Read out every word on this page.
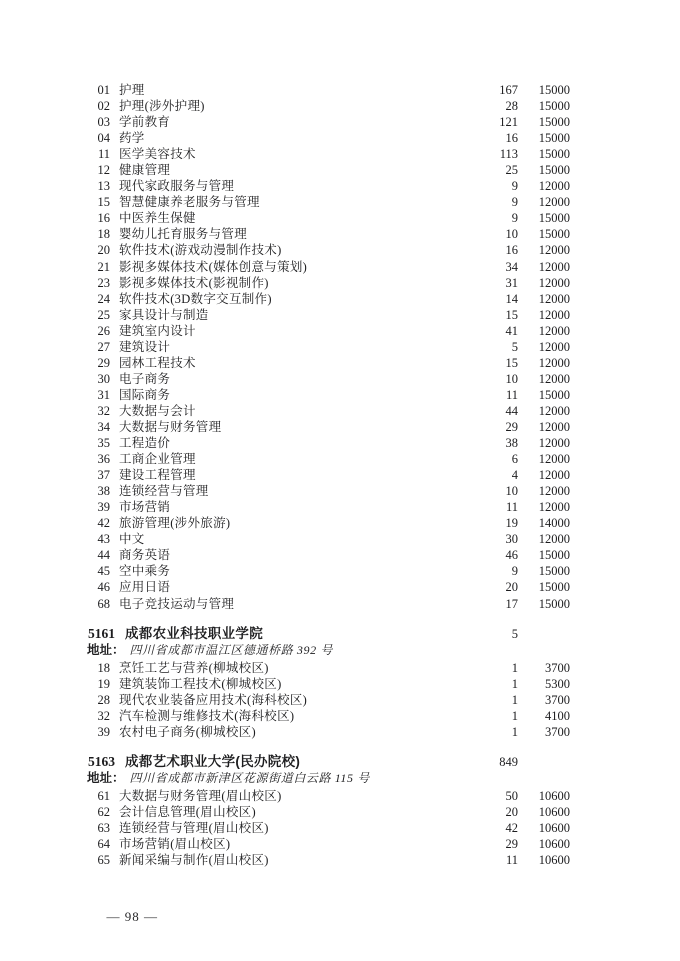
01 护理	167	15000
02 护理(涉外护理)	28	15000
03 学前教育	121	15000
04 药学	16	15000
11 医学美容技术	113	15000
12 健康管理	25	15000
13 现代家政服务与管理	9	12000
15 智慧健康养老服务与管理	9	12000
16 中医养生保健	9	15000
18 婴幼儿托育服务与管理	10	15000
20 软件技术(游戏动漫制作技术)	16	12000
21 影视多媒体技术(媒体创意与策划)	34	12000
23 影视多媒体技术(影视制作)	31	12000
24 软件技术(3D数字交互制作)	14	12000
25 家具设计与制造	15	12000
26 建筑室内设计	41	12000
27 建筑设计	5	12000
29 园林工程技术	15	12000
30 电子商务	10	12000
31 国际商务	11	15000
32 大数据与会计	44	12000
34 大数据与财务管理	29	12000
35 工程造价	38	12000
36 工商企业管理	6	12000
37 建设工程管理	4	12000
38 连锁经营与管理	10	12000
39 市场营销	11	12000
42 旅游管理(涉外旅游)	19	14000
43 中文	30	12000
44 商务英语	46	15000
45 空中乘务	9	15000
46 应用日语	20	15000
68 电子竞技运动与管理	17	15000
5161 成都农业科技职业学院	5
地址： 四川省成都市温江区德通桥路 392 号
18 烹饪工艺与营养(柳城校区)	1	3700
19 建筑装饰工程技术(柳城校区)	1	5300
28 现代农业装备应用技术(海科校区)	1	3700
32 汽车检测与维修技术(海科校区)	1	4100
39 农村电子商务(柳城校区)	1	3700
5163 成都艺术职业大学(民办院校)	849
地址： 四川省成都市新津区花源街道白云路 115 号
61 大数据与财务管理(眉山校区)	50	10600
62 会计信息管理(眉山校区)	20	10600
63 连锁经营与管理(眉山校区)	42	10600
64 市场营销(眉山校区)	29	10600
65 新闻采编与制作(眉山校区)	11	10600

— 98 —
